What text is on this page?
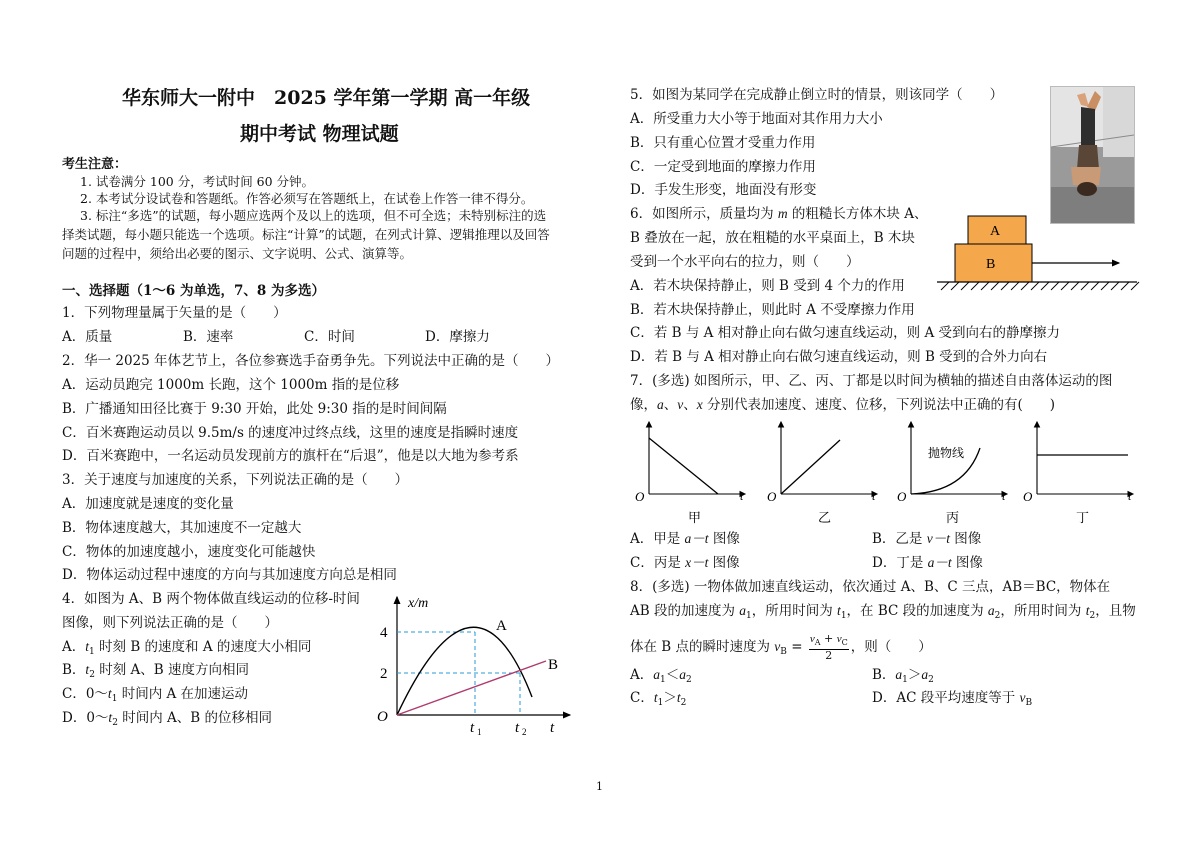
华东师大一附中　2025 学年第一学期 高一年级
期中考试 物理试题
考生注意：
1. 试卷满分 100 分，考试时间 60 分钟。
2. 本考试分设试卷和答题纸。作答必须写在答题纸上，在试卷上作答一律不得分。
3. 标注“多选”的试题，每小题应选两个及以上的选项，但不可全选；未特别标注的选
择类试题，每小题只能选一个选项。标注“计算”的试题，在列式计算、逻辑推理以及回答
问题的过程中，须给出必要的图示、文字说明、公式、演算等。
一、选择题（1～6 为单选，7、8 为多选）
1．下列物理量属于矢量的是（　　）
A．质量	B．速率	C．时间	D．摩擦力
2．华一 2025 年体艺节上，各位参赛选手奋勇争先。下列说法中正确的是（　　）
A．运动员跑完 1000m 长跑，这个 1000m 指的是位移
B．广播通知田径比赛于 9:30 开始，此处 9:30 指的是时间间隔
C．百米赛跑运动员以 9.5m/s 的速度冲过终点线，这里的速度是指瞬时速度
D．百米赛跑中，一名运动员发现前方的旗杆在“后退”，他是以大地为参考系
3．关于速度与加速度的关系，下列说法正确的是（　　）
A．加速度就是速度的变化量
B．物体速度越大，其加速度不一定越大
C．物体的加速度越小，速度变化可能越快
D．物体运动过程中速度的方向与其加速度方向总是相同
4．如图为 A、B 两个物体做直线运动的位移-时间
图像，则下列说法正确的是（　　）
A．$t_1$ 时刻 B 的速度和 A 的速度大小相同
B．$t_2$ 时刻 A、B 速度方向相同
C．$0\sim t_1$ 时间内 A 在加速运动
D．$0\sim t_2$ 时间内 A、B 的位移相同
x/m
4
2
O
A
B
t 1 t 2 t
5．如图为某同学在完成静止倒立时的情景，则该同学（　　）
A．所受重力大小等于地面对其作用力大小
B．只有重心位置才受重力作用
C．一定受到地面的摩擦力作用
D．手发生形变，地面没有形变
6．如图所示，质量均为 m 的粗糙长方体木块 A、
B 叠放在一起，放在粗糙的水平桌面上，B 木块
受到一个水平向右的拉力，则（　　）
A．若木块保持静止，则 B 受到 4 个力的作用
B．若木块保持静止，则此时 A 不受摩擦力作用
C．若 B 与 A 相对静止向右做匀速直线运动，则 A 受到向右的静摩擦力
D．若 B 与 A 相对静止向右做匀速直线运动，则 B 受到的合外力向右
A
B
7．(多选) 如图所示，甲、乙、丙、丁都是以时间为横轴的描述自由落体运动的图
像，a、v、x 分别代表加速度、速度、位移，下列说法中正确的有(　　)
O	t
甲
O	t
乙
O	t
抛物线
丙
O	t
丁
A．甲是 a－t 图像	B．乙是 v－t 图像
C．丙是 x－t 图像	D．丁是 a－t 图像
8．(多选) 一物体做加速直线运动，依次通过 A、B、C 三点，AB＝BC，物体在
AB 段的加速度为 $a_1$，所用时间为 $t_1$，在 BC 段的加速度为 $a_2$，所用时间为 $t_2$，且物
体在 B 点的瞬时速度为 $v_B = \frac{v_A + v_C}{2}$ ，则（　　）
A．$a_1<a_2$	B．$a_1>a_2$
C．$t_1>t_2$	D．AC 段平均速度等于 $v_B$
1
